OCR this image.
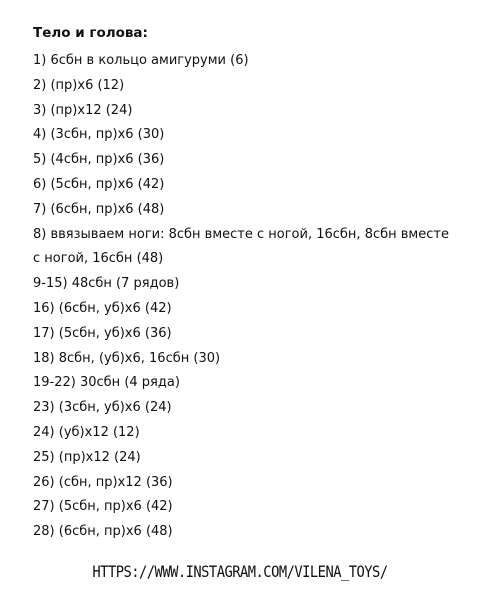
Тело и голова:
1) 6сбн в кольцо амигуруми (6)
2) (пр)х6 (12)
3) (пр)х12 (24)
4) (3сбн, пр)х6 (30)
5) (4сбн, пр)х6 (36)
6) (5сбн, пр)х6 (42)
7) (6сбн, пр)х6 (48)
8) ввязываем ноги: 8сбн вместе с ногой, 16сбн, 8сбн вместе с ногой, 16сбн (48)
9-15) 48сбн (7 рядов)
16) (6сбн, уб)х6 (42)
17) (5сбн, уб)х6 (36)
18) 8сбн, (уб)х6, 16сбн (30)
19-22) 30сбн (4 ряда)
23) (3сбн, уб)х6 (24)
24) (уб)х12 (12)
25) (пр)х12 (24)
26) (сбн, пр)х12 (36)
27) (5сбн, пр)х6 (42)
28) (6сбн, пр)х6 (48)
HTTPS://WWW.INSTAGRAM.COM/VILENA_TOYS/
